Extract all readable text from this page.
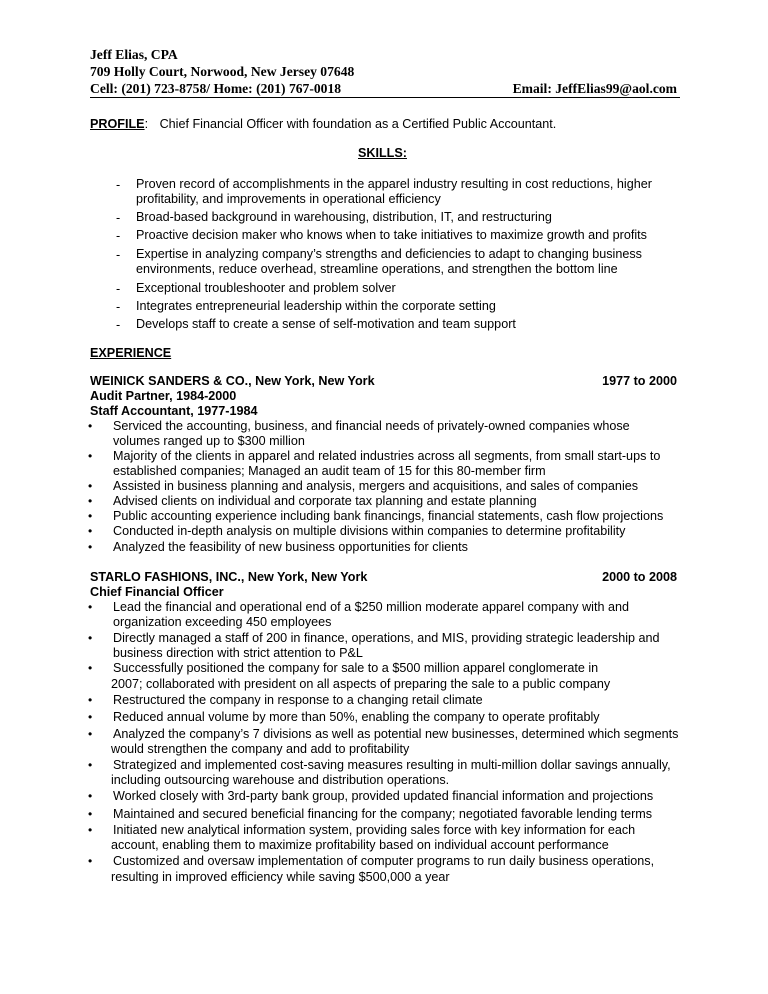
Jeff Elias, CPA
709 Holly Court, Norwood, New Jersey 07648
Cell: (201) 723-8758/ Home: (201) 767-0018	Email: JeffElias99@aol.com
PROFILE: Chief Financial Officer with foundation as a Certified Public Accountant.
SKILLS:
-	Proven record of accomplishments in the apparel industry resulting in cost reductions, higher
profitability, and improvements in operational efficiency
-	Broad-based background in warehousing, distribution, IT, and restructuring
-	Proactive decision maker who knows when to take initiatives to maximize growth and profits
-	Expertise in analyzing company’s strengths and deficiencies to adapt to changing business
environments, reduce overhead, streamline operations, and strengthen the bottom line
-	Exceptional troubleshooter and problem solver
-	Integrates entrepreneurial leadership within the corporate setting
-	Develops staff to create a sense of self-motivation and team support
EXPERIENCE
WEINICK SANDERS & CO., New York, New York	1977 to 2000
Audit Partner, 1984-2000
Staff Accountant, 1977-1984
•	Serviced the accounting, business, and financial needs of privately-owned companies whose
volumes ranged up to $300 million
•	Majority of the clients in apparel and related industries across all segments, from small start-ups to
established companies; Managed an audit team of 15 for this 80-member firm
•	Assisted in business planning and analysis, mergers and acquisitions, and sales of companies
•	Advised clients on individual and corporate tax planning and estate planning
•	Public accounting experience including bank financings, financial statements, cash flow projections
•	Conducted in-depth analysis on multiple divisions within companies to determine profitability
•	Analyzed the feasibility of new business opportunities for clients
STARLO FASHIONS, INC., New York, New York	2000 to 2008
Chief Financial Officer
•	Lead the financial and operational end of a $250 million moderate apparel company with and
organization exceeding 450 employees
•	Directly managed a staff of 200 in finance, operations, and MIS, providing strategic leadership and
business direction with strict attention to P&L
•	Successfully positioned the company for sale to a $500 million apparel conglomerate in
2007; collaborated with president on all aspects of preparing the sale to a public company
•	Restructured the company in response to a changing retail climate
•	Reduced annual volume by more than 50%, enabling the company to operate profitably
•	Analyzed the company’s 7 divisions as well as potential new businesses, determined which segments
would strengthen the company and add to profitability
•	Strategized and implemented cost-saving measures resulting in multi-million dollar savings annually,
including outsourcing warehouse and distribution operations.
•	Worked closely with 3rd-party bank group, provided updated financial information and projections
•	Maintained and secured beneficial financing for the company; negotiated favorable lending terms
•	Initiated new analytical information system, providing sales force with key information for each
account, enabling them to maximize profitability based on individual account performance
•	Customized and oversaw implementation of computer programs to run daily business operations,
resulting in improved efficiency while saving $500,000 a year
